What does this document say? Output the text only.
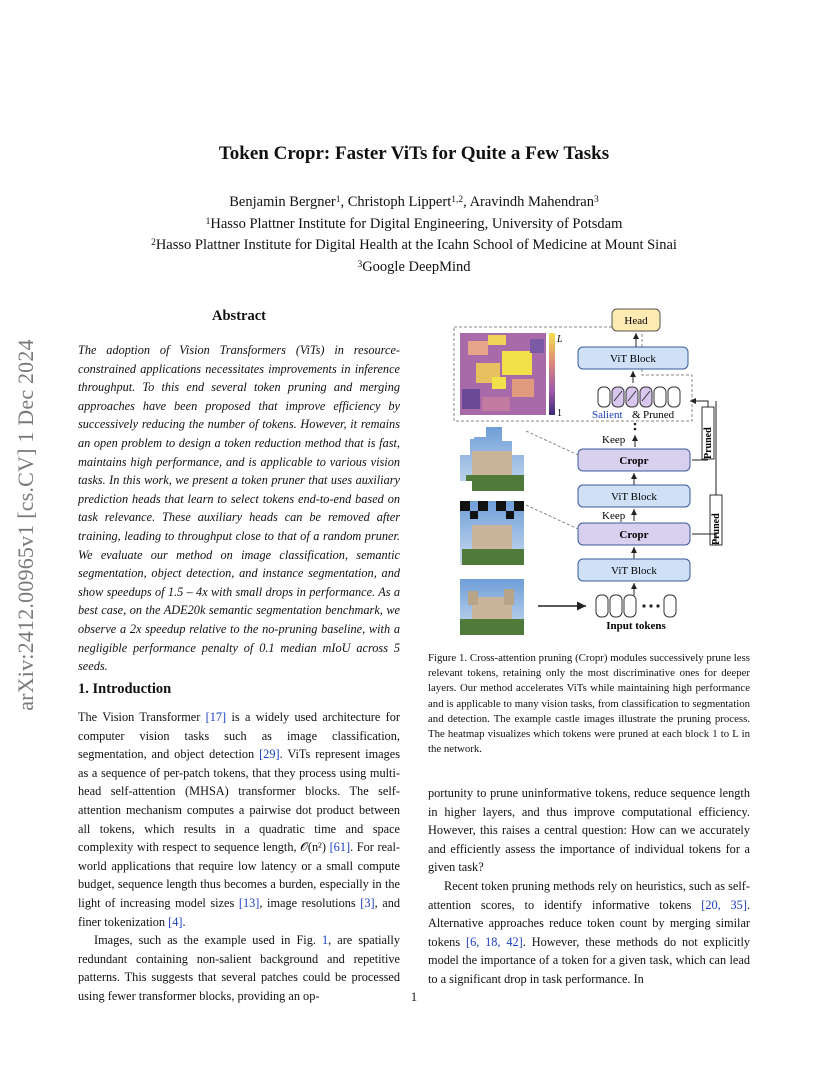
arXiv:2412.00965v1 [cs.CV] 1 Dec 2024
Token Cropr: Faster ViTs for Quite a Few Tasks
Benjamin Bergner$^1$, Christoph Lippert$^{1,2}$, Aravindh Mahendran$^3$
$^1$Hasso Plattner Institute for Digital Engineering, University of Potsdam
$^2$Hasso Plattner Institute for Digital Health at the Icahn School of Medicine at Mount Sinai
$^3$Google DeepMind
Abstract
The adoption of Vision Transformers (ViTs) in resource-constrained applications necessitates improvements in inference throughput. To this end several token pruning and merging approaches have been proposed that improve efficiency by successively reducing the number of tokens. However, it remains an open problem to design a token reduction method that is fast, maintains high performance, and is applicable to various vision tasks. In this work, we present a token pruner that uses auxiliary prediction heads that learn to select tokens end-to-end based on task relevance. These auxiliary heads can be removed after training, leading to throughput close to that of a random pruner. We evaluate our method on image classification, semantic segmentation, object detection, and instance segmentation, and show speedups of 1.5 – 4x with small drops in performance. As a best case, on the ADE20k semantic segmentation benchmark, we observe a 2x speedup relative to the no-pruning baseline, with a negligible performance penalty of 0.1 median mIoU across 5 seeds.
1. Introduction

The Vision Transformer [17] is a widely used architecture for computer vision tasks such as image classification, segmentation, and object detection [29]. ViTs represent images as a sequence of per-patch tokens, that they process using multi-head self-attention (MHSA) transformer blocks. The self-attention mechanism computes a pairwise dot product between all tokens, which results in a quadratic time and space complexity with respect to sequence length, 𝒪(n²) [61]. For real-world applications that require low latency or a small compute budget, sequence length thus becomes a burden, especially in the light of increasing model sizes [13], image resolutions [3], and finer tokenization [4].

Images, such as the example used in Fig. 1, are spatially redundant containing non-salient background and repetitive patterns. This suggests that several patches could be processed using fewer transformer blocks, providing an op-

portunity to prune uninformative tokens, reduce sequence length in higher layers, and thus improve computational efficiency. However, this raises a central question: How can we accurately and efficiently assess the importance of individual tokens for a given task?

Recent token pruning methods rely on heuristics, such as self-attention scores, to identify informative tokens [20, 35]. Alternative approaches reduce token count by merging similar tokens [6, 18, 42]. However, these methods do not explicitly model the importance of a token for a given task, which can lead to a significant drop in task performance. In

L
1
Head
ViT Block
Salient & Pruned
Keep
Cropr
Pruned
ViT Block
Keep
Cropr	Pruned
ViT Block
Input tokens
Figure 1. Cross-attention pruning (Cropr) modules successively prune less relevant tokens, retaining only the most discriminative ones for deeper layers. Our method accelerates ViTs while maintaining high performance and is applicable to many vision tasks, from classification to segmentation and detection. The example castle images illustrate the pruning process. The heatmap visualizes which tokens were pruned at each block 1 to L in the network.
1
